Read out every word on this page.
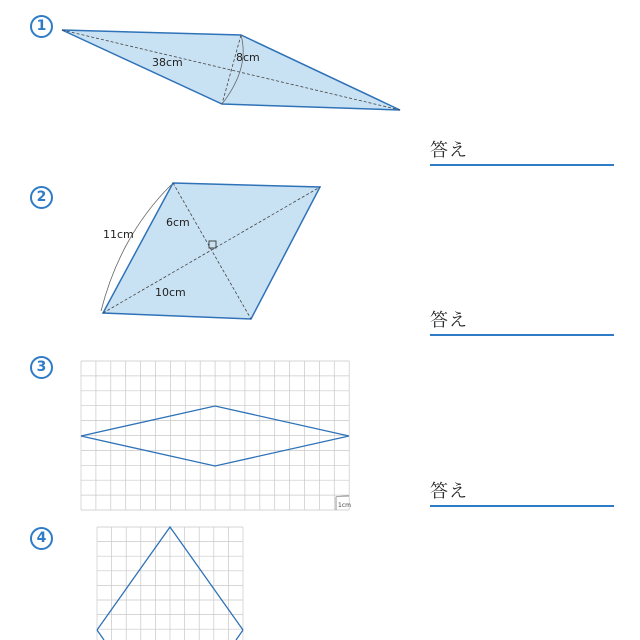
1
2
3
4
答え
答え
答え
38cm	8cm
11cm
6cm
10cm
1cm
